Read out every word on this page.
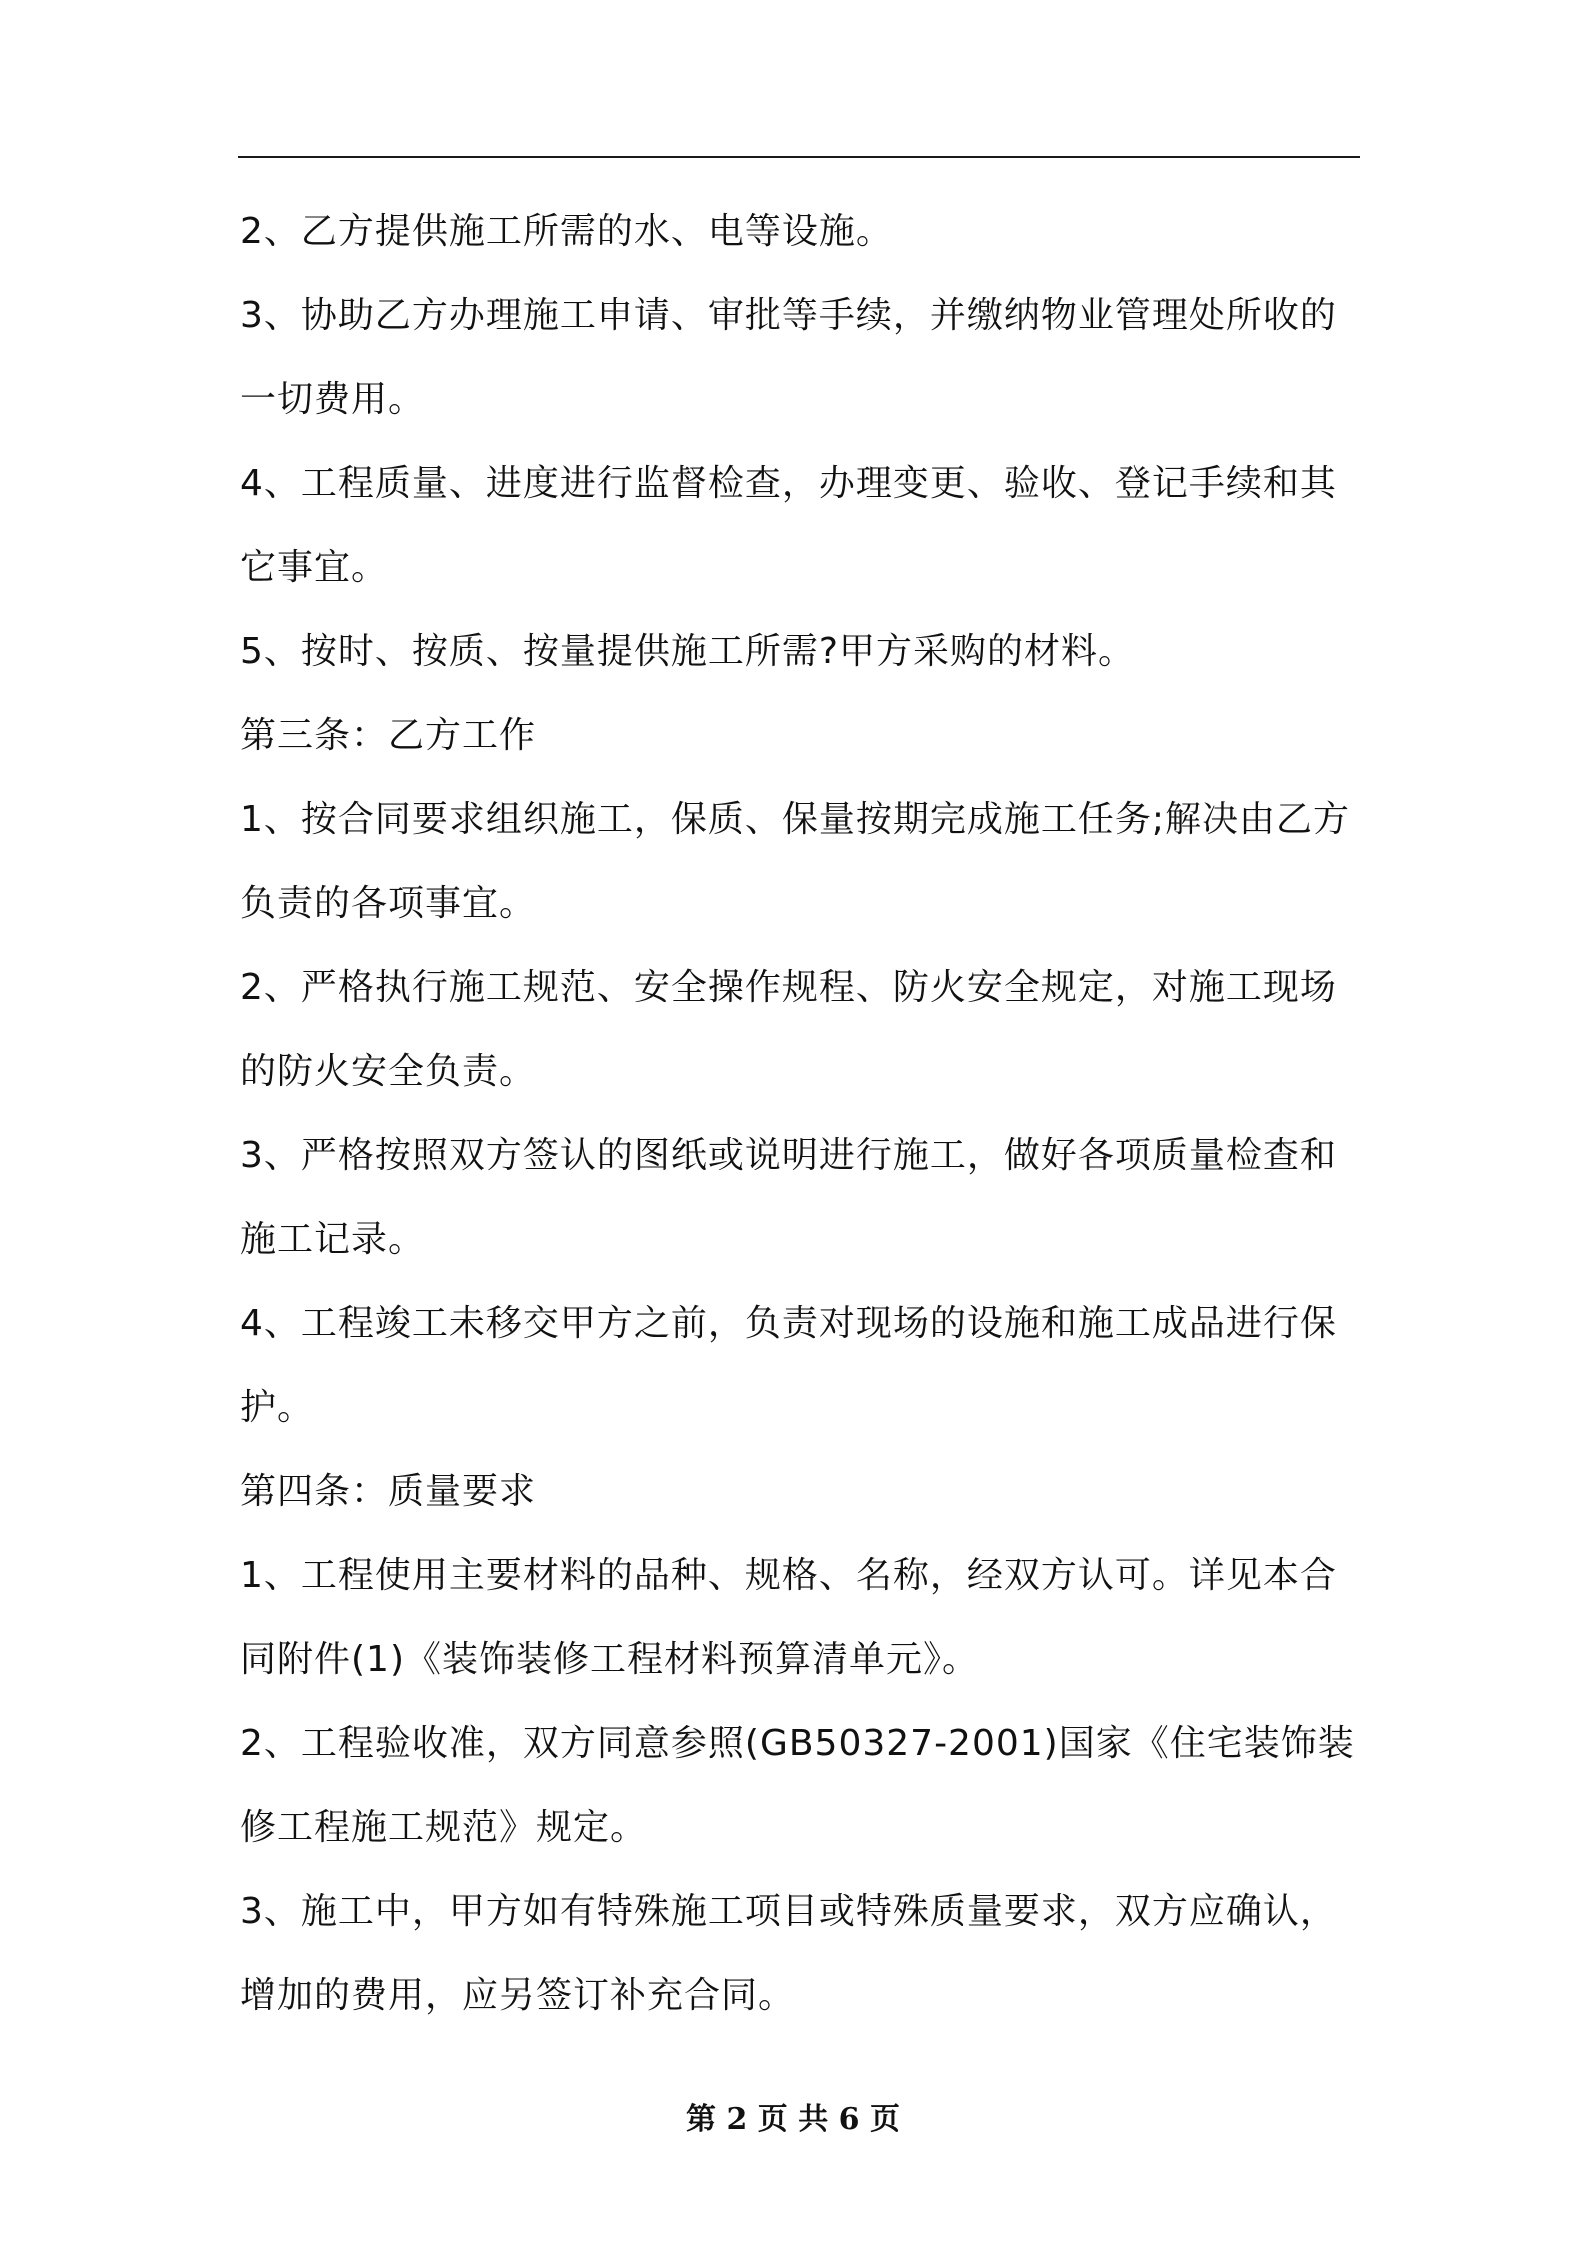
2、乙方提供施工所需的水、电等设施。

3、协助乙方办理施工申请、审批等手续，并缴纳物业管理处所收的一切费用。

4、工程质量、进度进行监督检查，办理变更、验收、登记手续和其它事宜。

5、按时、按质、按量提供施工所需?甲方采购的材料。

第三条：乙方工作

1、按合同要求组织施工，保质、保量按期完成施工任务;解决由乙方负责的各项事宜。

2、严格执行施工规范、安全操作规程、防火安全规定，对施工现场的防火安全负责。

3、严格按照双方签认的图纸或说明进行施工，做好各项质量检查和施工记录。

4、工程竣工未移交甲方之前，负责对现场的设施和施工成品进行保护。

第四条：质量要求

1、工程使用主要材料的品种、规格、名称，经双方认可。详见本合同附件(1)《装饰装修工程材料预算清单元》。

2、工程验收准，双方同意参照(GB50327-2001)国家《住宅装饰装修工程施工规范》规定。

3、施工中，甲方如有特殊施工项目或特殊质量要求，双方应确认，增加的费用，应另签订补充合同。

第 2 页 共 6 页
